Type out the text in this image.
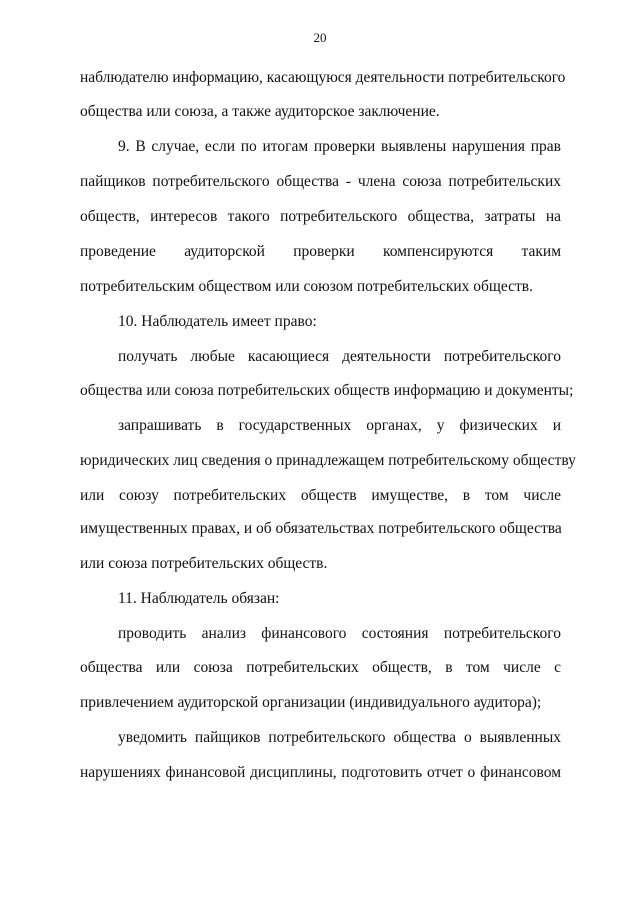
20
наблюдателю информацию, касающуюся деятельности потребительского
общества или союза, а также аудиторское заключение.
9. В случае, если по итогам проверки выявлены нарушения прав
пайщиков потребительского общества - члена союза потребительских
обществ, интересов такого потребительского общества, затраты на
проведение аудиторской проверки компенсируются таким
потребительским обществом или союзом потребительских обществ.
10. Наблюдатель имеет право:
получать любые касающиеся деятельности потребительского
общества или союза потребительских обществ информацию и документы;
запрашивать в государственных органах, у физических и
юридических лиц сведения о принадлежащем потребительскому обществу
или союзу потребительских обществ имуществе, в том числе
имущественных правах, и об обязательствах потребительского общества
или союза потребительских обществ.
11. Наблюдатель обязан:
проводить анализ финансового состояния потребительского
общества или союза потребительских обществ, в том числе с
привлечением аудиторской организации (индивидуального аудитора);
уведомить пайщиков потребительского общества о выявленных
нарушениях финансовой дисциплины, подготовить отчет о финансовом
